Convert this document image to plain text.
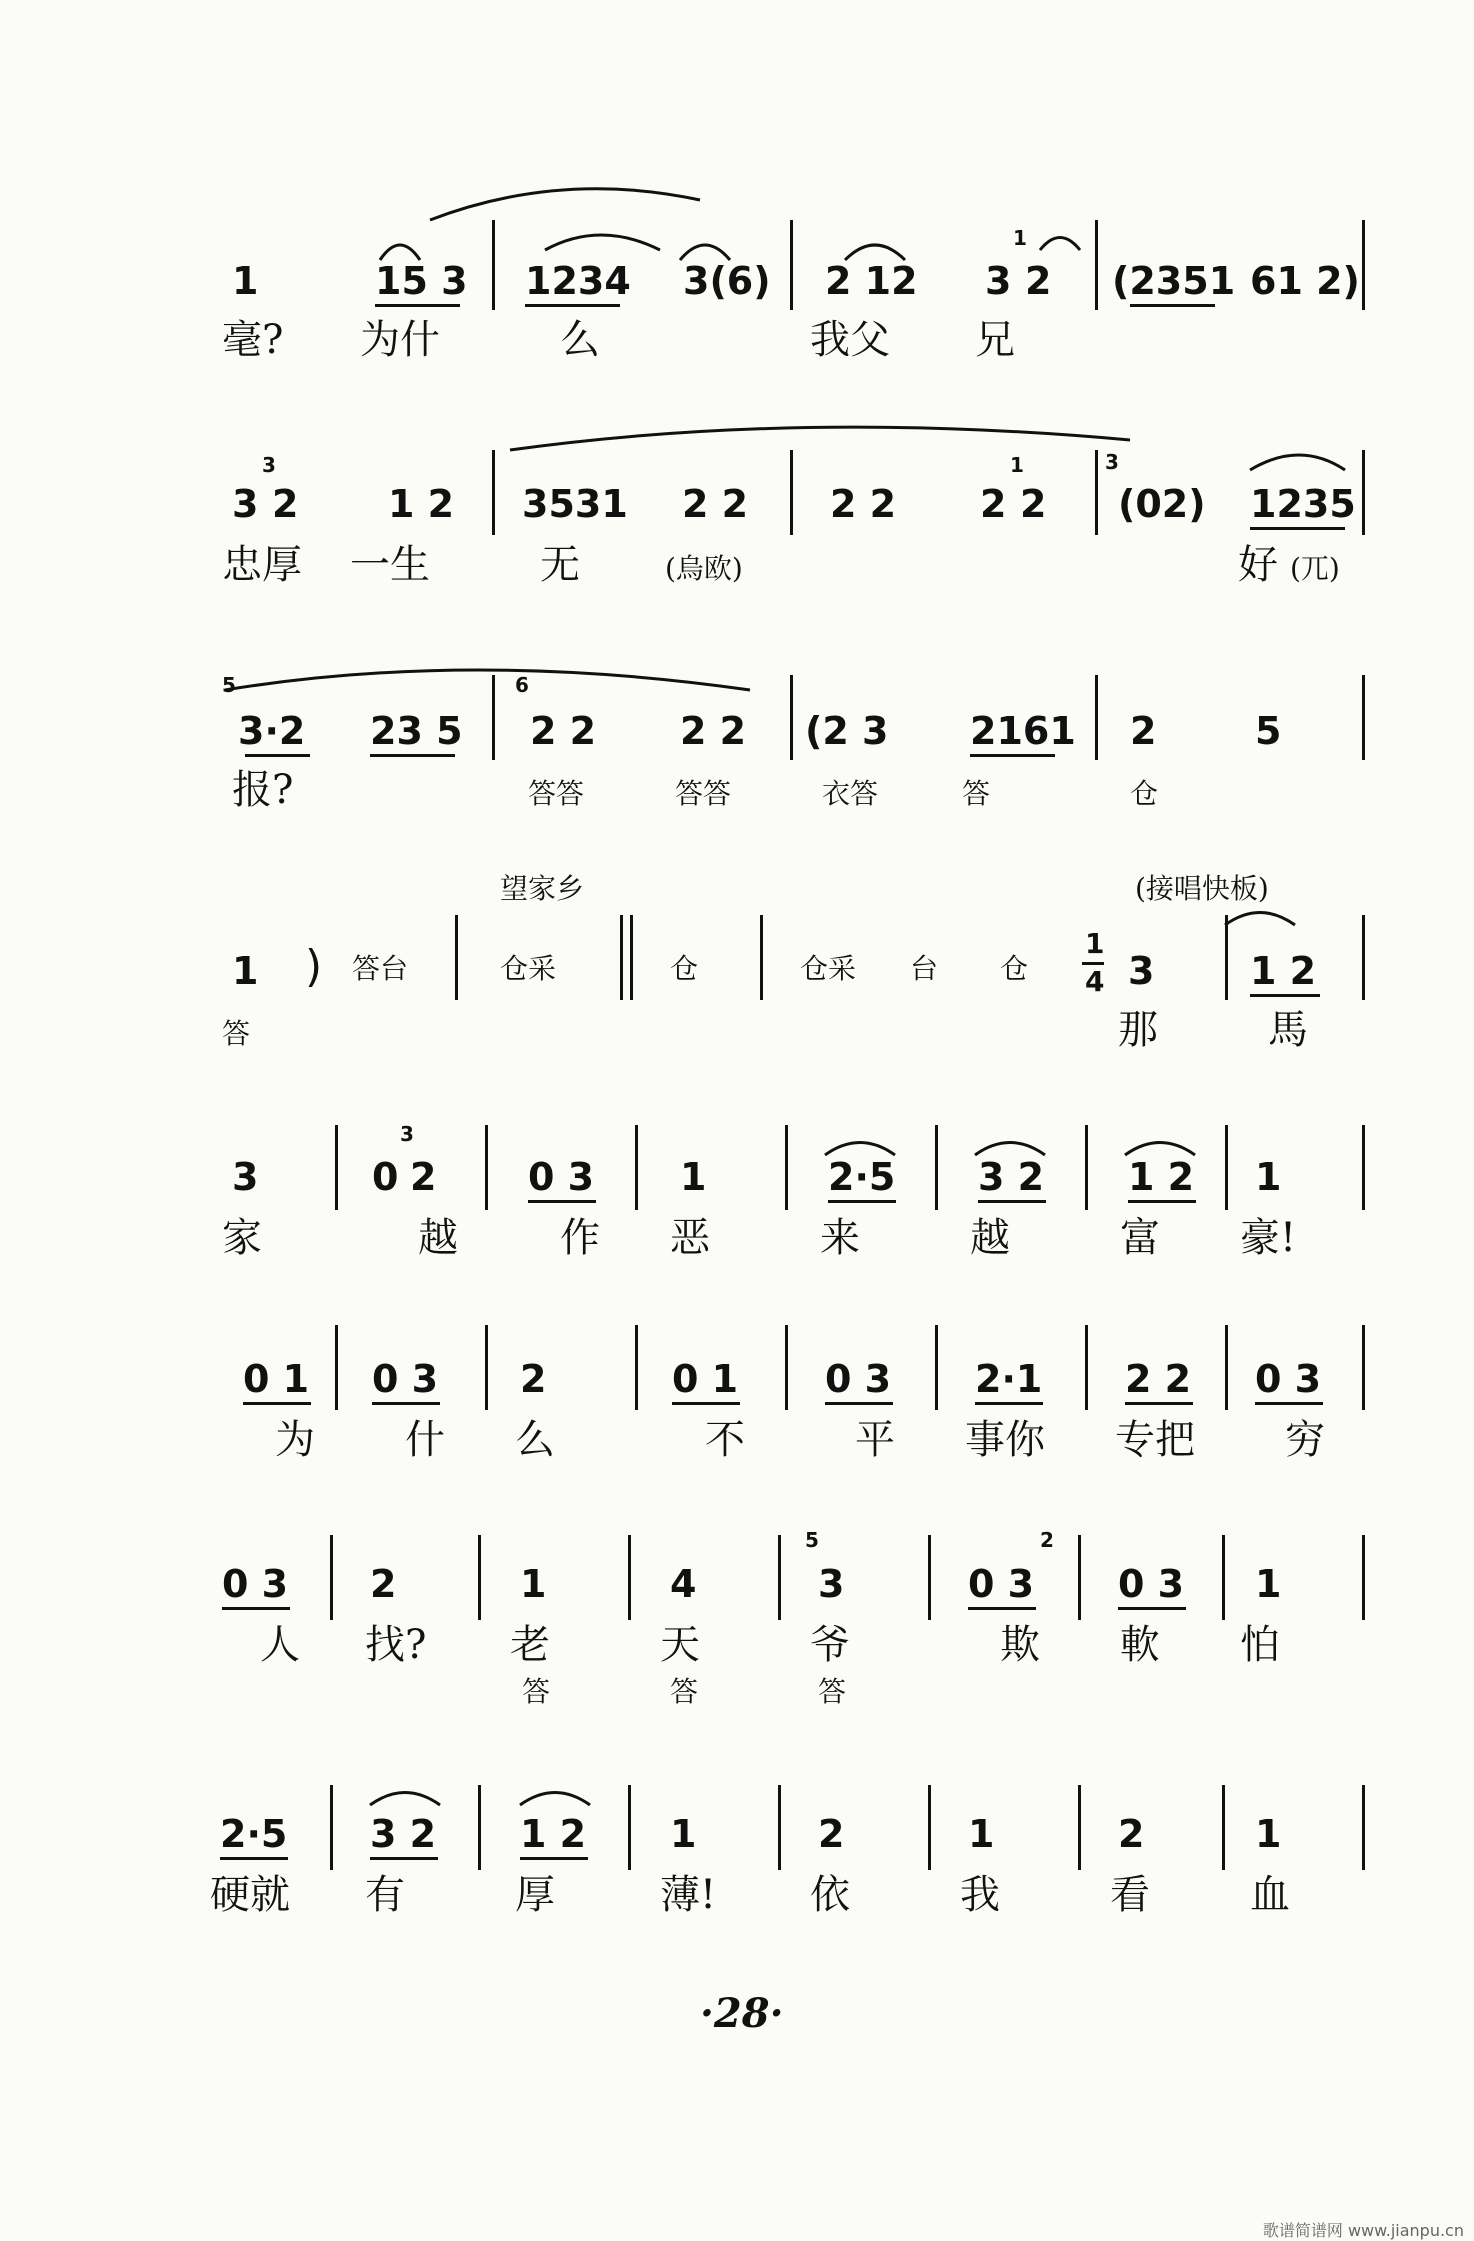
1	15 3 1234 3(6) 2 12 3
1
2 (2351 61 2)
毫? 为什	么	我父 兄
3
3
2 1 2 3531 2 2 2 2 2
1
2
3
(02) 1235
忠厚 一生	无	(烏欧)	好 (兀)
5
3·2 23 5
6
2 2 2 2 (2 3 2161 2	5
报?	答答	答答	衣答	答	仓
望家乡	(接唱快板)
1 ) 答台	仓采	仓	仓采 台 仓
1
4 3	1 2
答	那	馬
3	0
3
2 0 3 1	2·5 3 2 1 2 1
家	越	作 恶	来	越	富 豪!
0 1 0 3 2	0 1 0 3 2·1 2 2 0 3
为 什 么	不	平 事你 专把 穷
0 3 2	1	4
5
3	0 3
2
0 3 1
人 找? 老	天	爷	欺 軟 怕
答	答	答
2·5 3 2 1 2 1	2	1	2	1
硬就 有	厚	薄! 依	我	看	血
·28·
歌谱简谱网 www.jianpu.cn
